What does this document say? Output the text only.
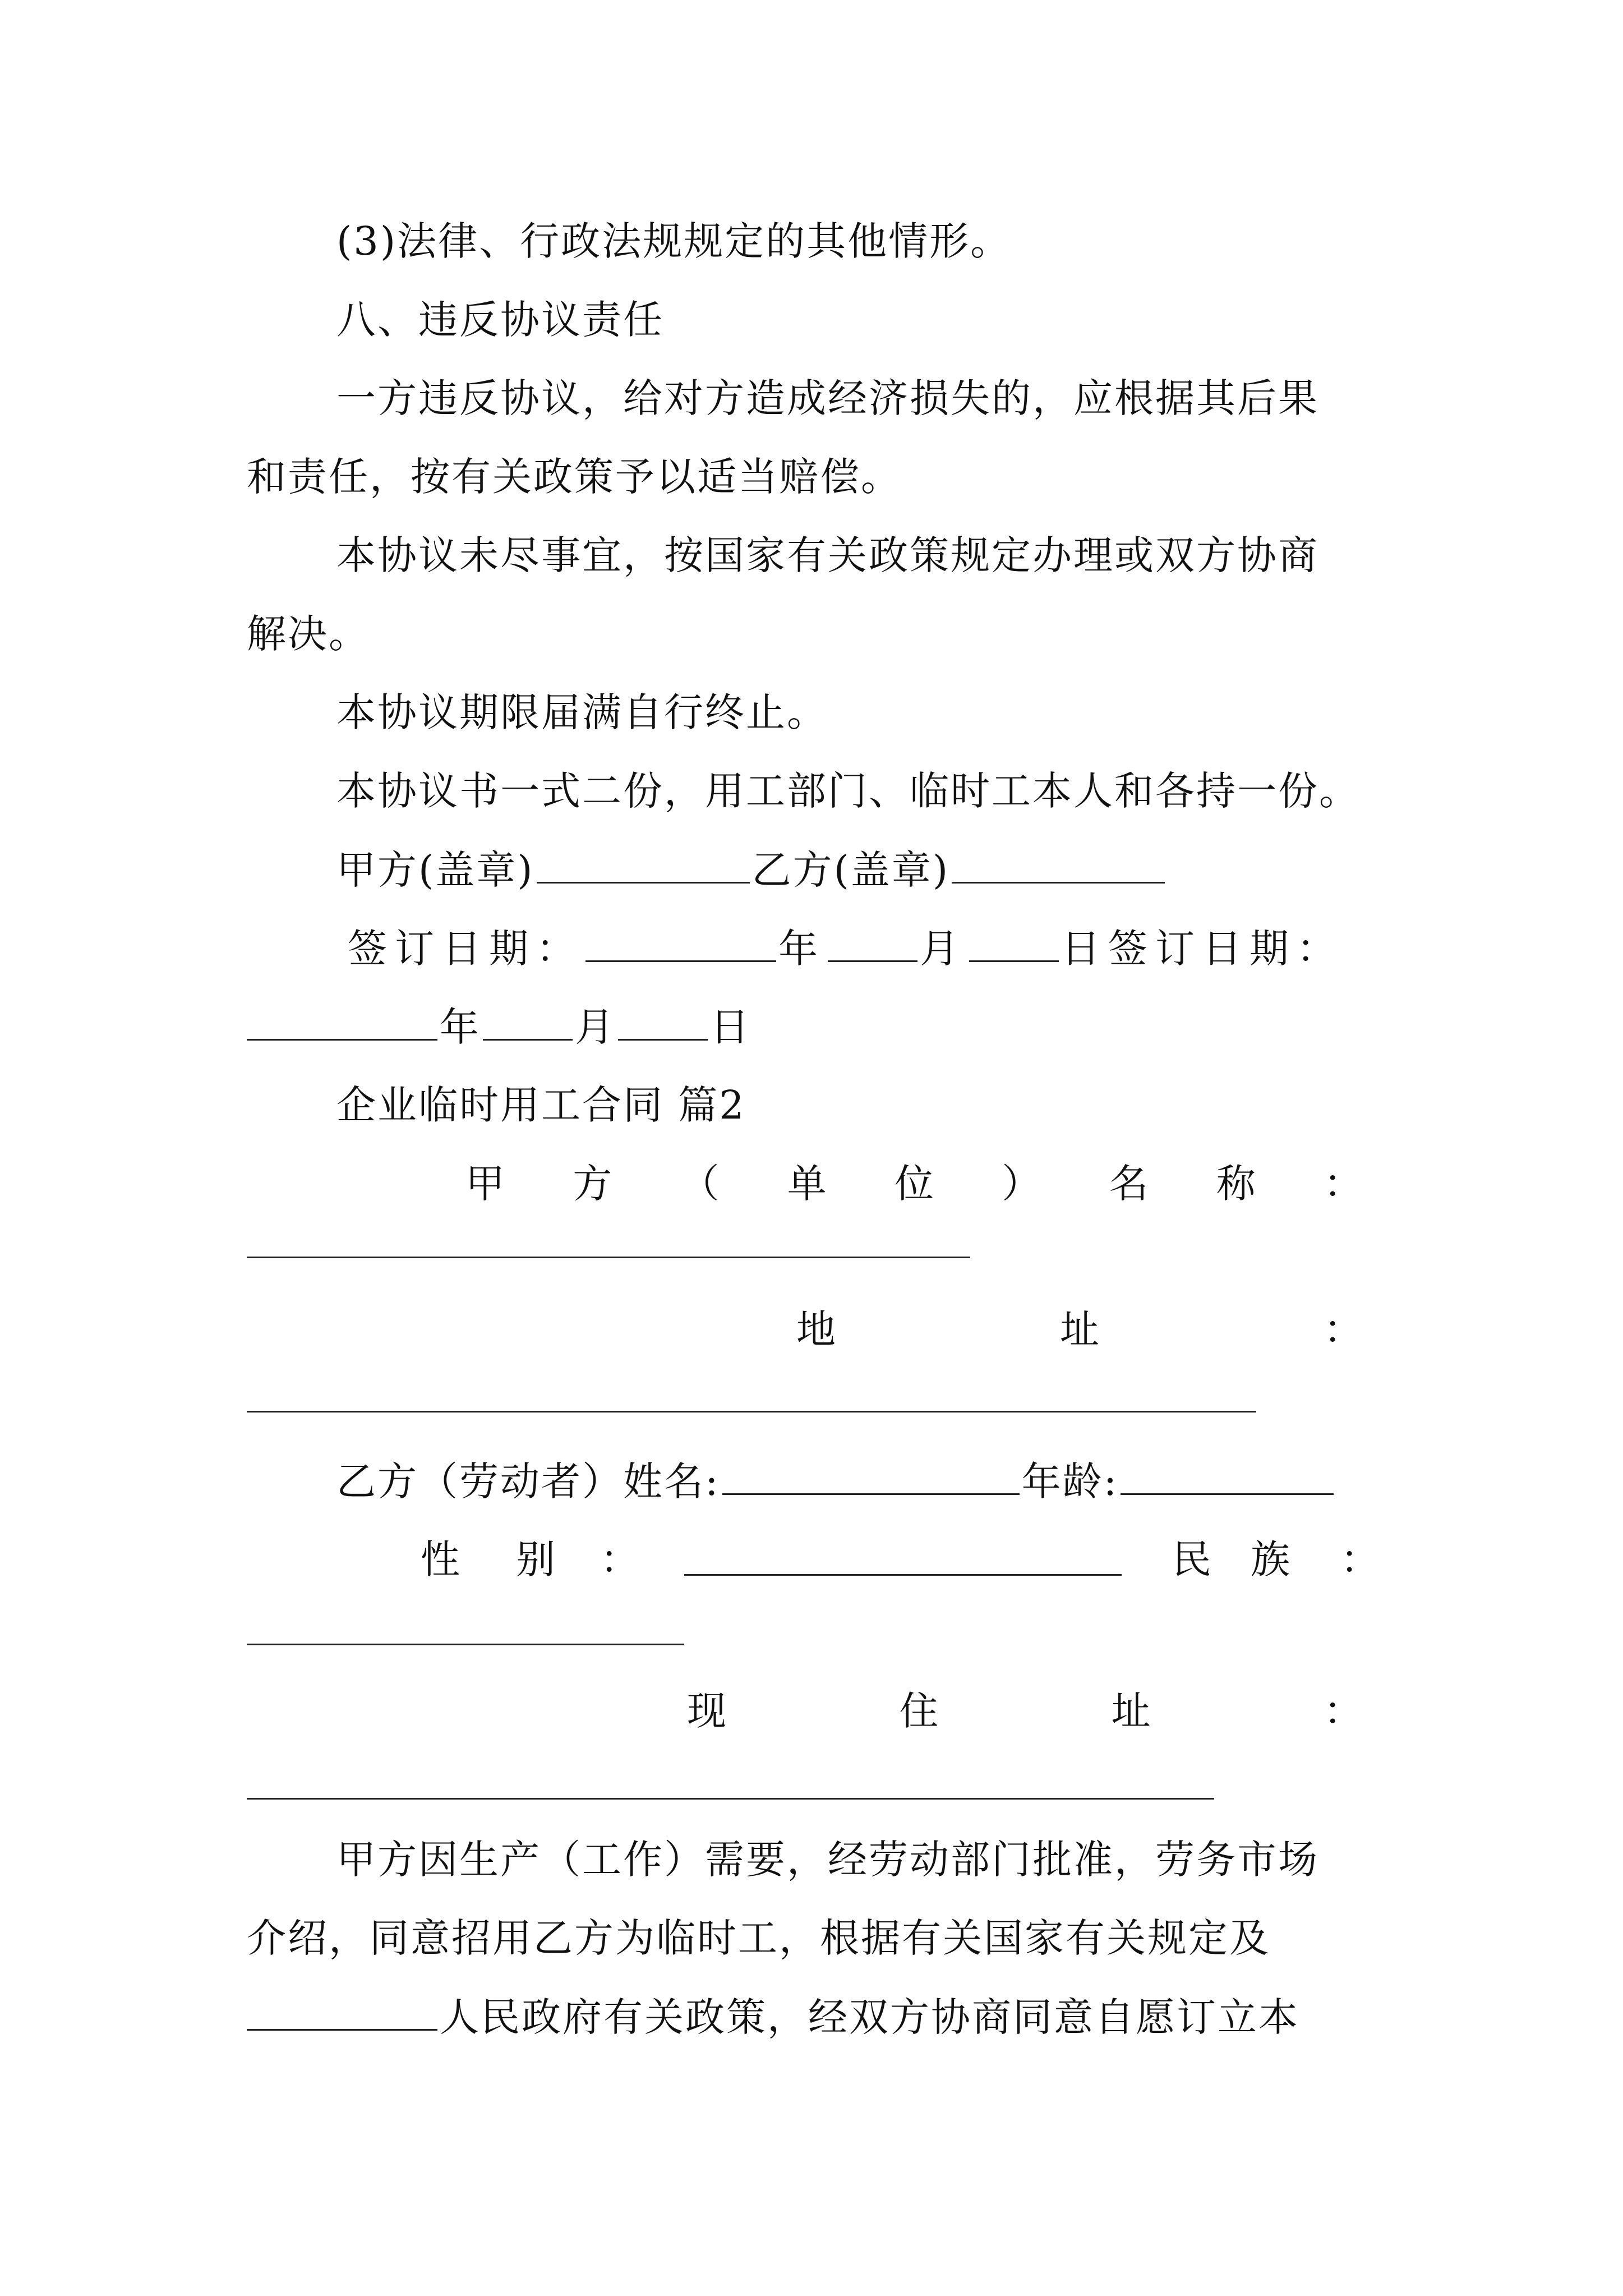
(3)法律、行政法规规定的其他情形。
八、违反协议责任
一方违反协议，给对方造成经济损失的，应根据其后果
和责任，按有关政策予以适当赔偿。
本协议未尽事宜，按国家有关政策规定办理或双方协商
解决。
本协议期限届满自行终止。
本协议书一式二份，用工部门、临时工本人和各持一份。
甲方(盖章)	乙方(盖章)
签订日期：	年 月 日签订日期：
年 月 日
企业临时用工合同 篇2
甲 方 （ 单 位 ） 名 称 ：
地	址	：
乙方（劳动者）姓名:	年龄:
性 别 ：	民 族 ：
现	住	址	：
甲方因生产（工作）需要，经劳动部门批准，劳务市场
介绍，同意招用乙方为临时工，根据有关国家有关规定及
人民政府有关政策，经双方协商同意自愿订立本
